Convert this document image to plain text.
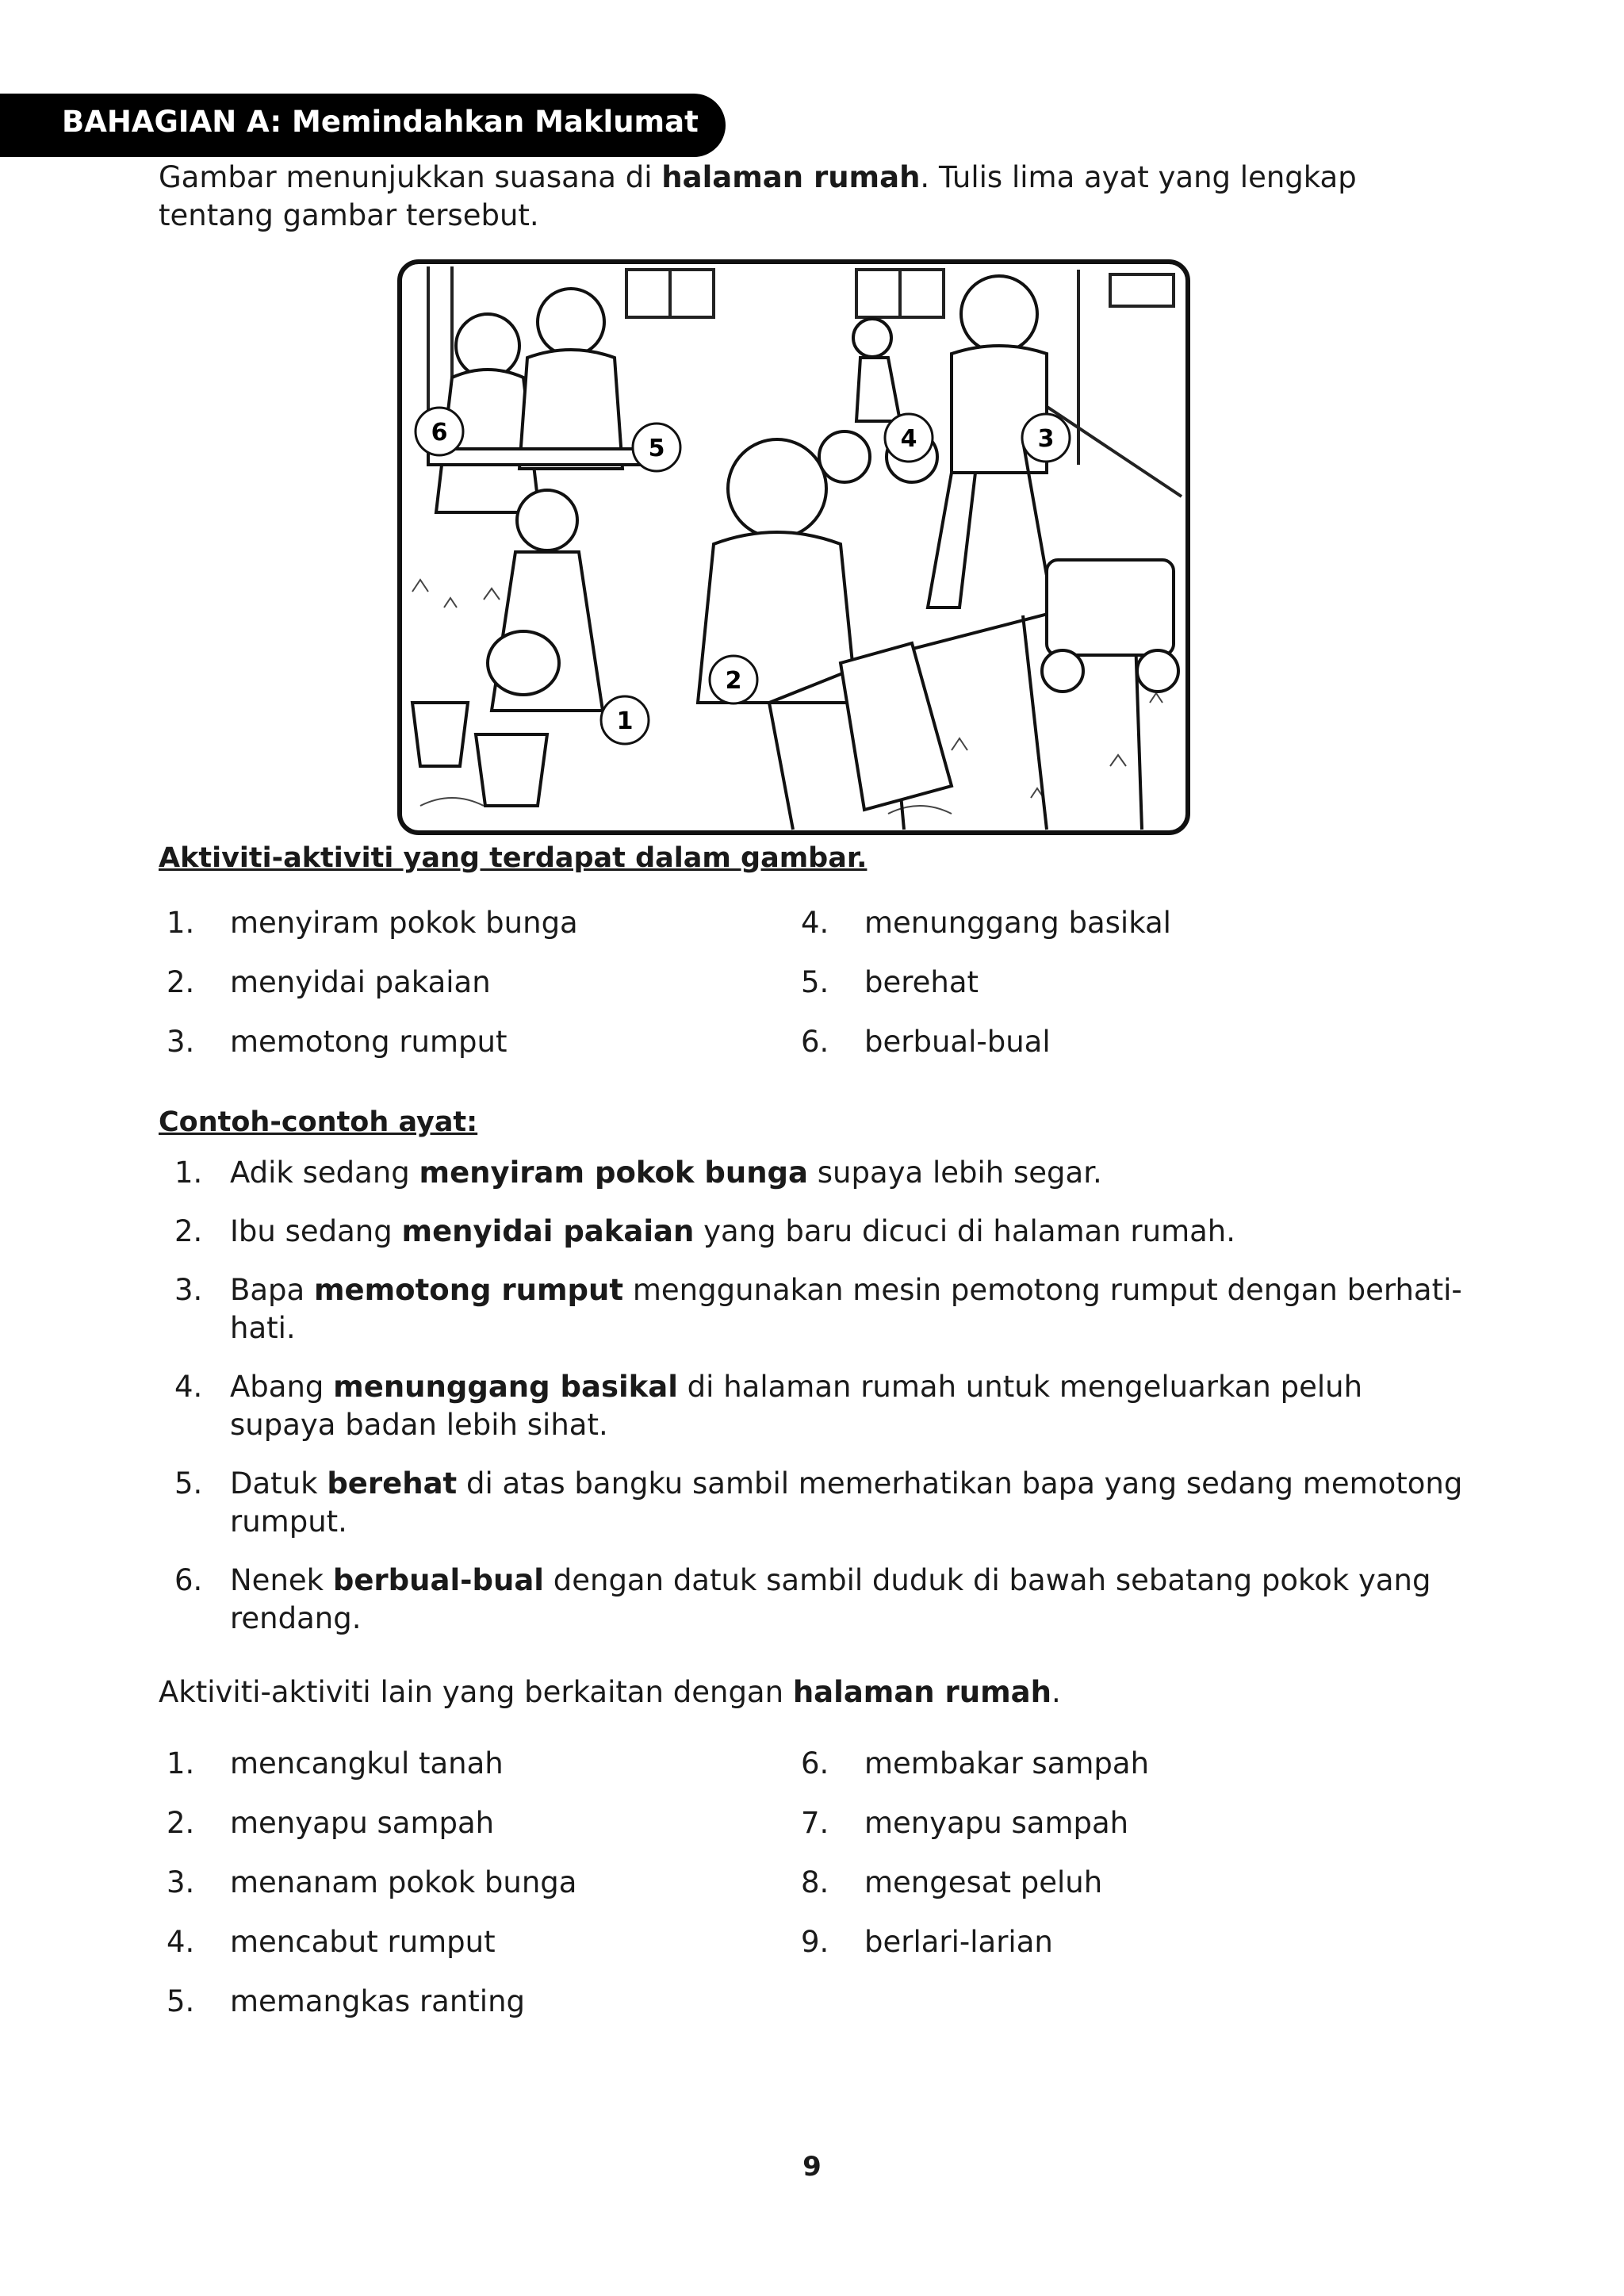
BAHAGIAN A: Memindahkan Maklumat
Gambar menunjukkan suasana di halaman rumah. Tulis lima ayat yang lengkap tentang gambar tersebut.
1
2
3
4
5
6
Aktiviti-aktiviti yang terdapat dalam gambar.
1.	menyiram pokok bunga
2.	menyidai pakaian
3.	memotong rumput
4.	menunggang basikal
5.	berehat
6.	berbual-bual
Contoh-contoh ayat:
1. Adik sedang menyiram pokok bunga supaya lebih segar.
2. Ibu sedang menyidai pakaian yang baru dicuci di halaman rumah.
3. Bapa memotong rumput menggunakan mesin pemotong rumput dengan berhati-hati.
4. Abang menunggang basikal di halaman rumah untuk mengeluarkan peluh supaya badan lebih sihat.
5. Datuk berehat di atas bangku sambil memerhatikan bapa yang sedang memotong rumput.
6. Nenek berbual-bual dengan datuk sambil duduk di bawah sebatang pokok yang rendang.
Aktiviti-aktiviti lain yang berkaitan dengan halaman rumah.
1.	mencangkul tanah
2.	menyapu sampah
3.	menanam pokok bunga
4.	mencabut rumput
5.	memangkas ranting
6.	membakar sampah
7.	menyapu sampah
8.	mengesat peluh
9.	berlari-larian
9
